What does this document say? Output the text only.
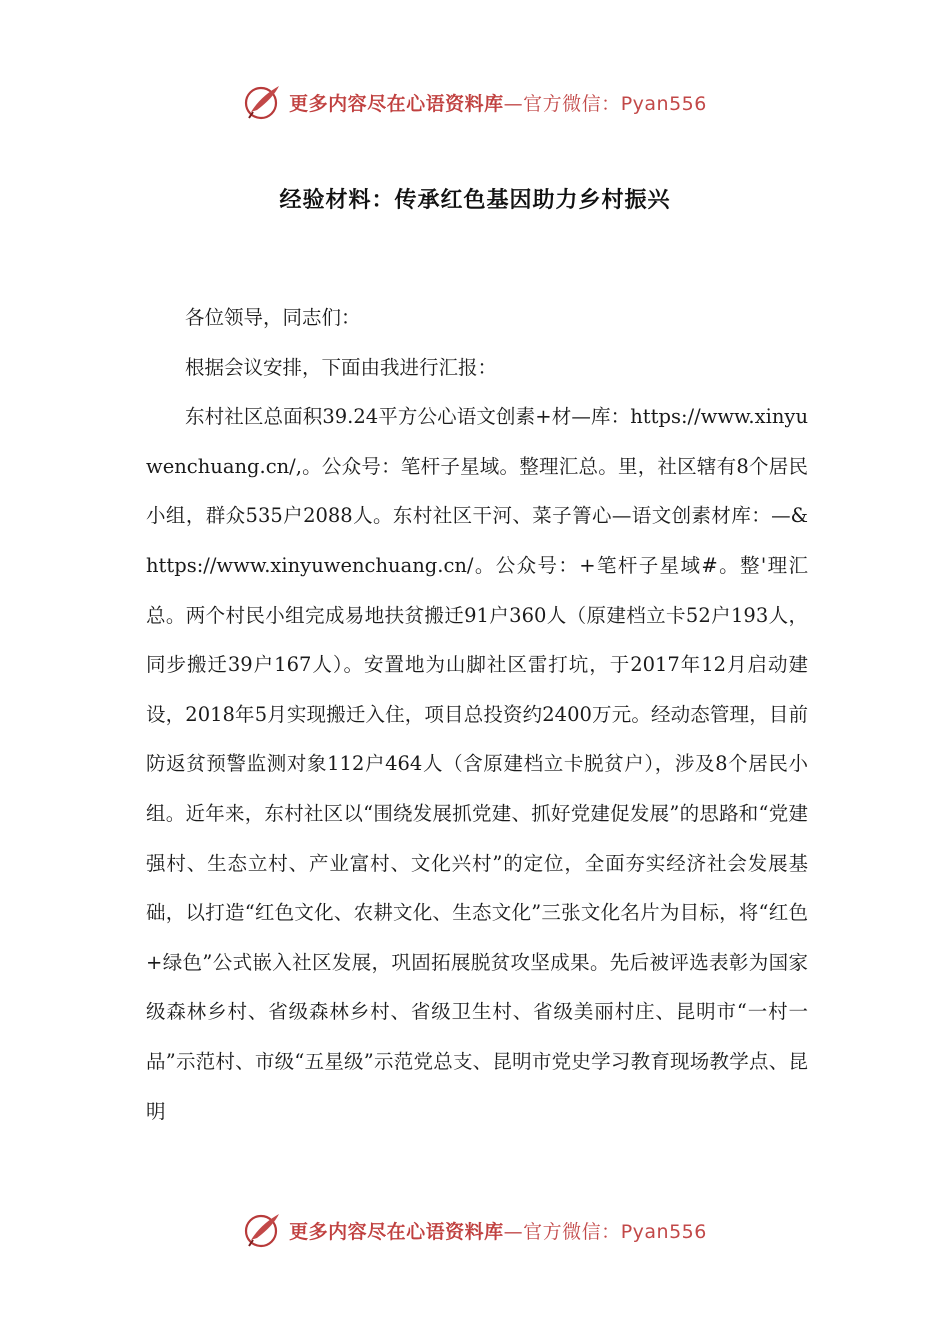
更多内容尽在心语资料库—官方微信：Pyan556
经验材料：传承红色基因助力乡村振兴

各位领导，同志们：

根据会议安排，下面由我进行汇报：

东村社区总面积39.24平方公心语文创素+材—库：https://www.xinyuwenchuang.cn/,。公众号：笔杆子星域。整理汇总。里，社区辖有8个居民小组，群众535户2088人。东村社区干河、菜子箐心—语文创素材库：—&https://www.xinyuwenchuang.cn/。公众号：+笔杆子星域#。整'理汇总。两个村民小组完成易地扶贫搬迁91户360人（原建档立卡52户193人，同步搬迁39户167人）。安置地为山脚社区雷打坑，于2017年12月启动建设，2018年5月实现搬迁入住，项目总投资约2400万元。经动态管理，目前防返贫预警监测对象112户464人（含原建档立卡脱贫户），涉及8个居民小组。近年来，东村社区以“围绕发展抓党建、抓好党建促发展”的思路和“党建强村、生态立村、产业富村、文化兴村”的定位，全面夯实经济社会发展基础，以打造“红色文化、农耕文化、生态文化”三张文化名片为目标，将“红色+绿色”公式嵌入社区发展，巩固拓展脱贫攻坚成果。先后被评选表彰为国家级森林乡村、省级森林乡村、省级卫生村、省级美丽村庄、昆明市“一村一品”示范村、市级“五星级”示范党总支、昆明市党史学习教育现场教学点、昆明

更多内容尽在心语资料库—官方微信：Pyan556
